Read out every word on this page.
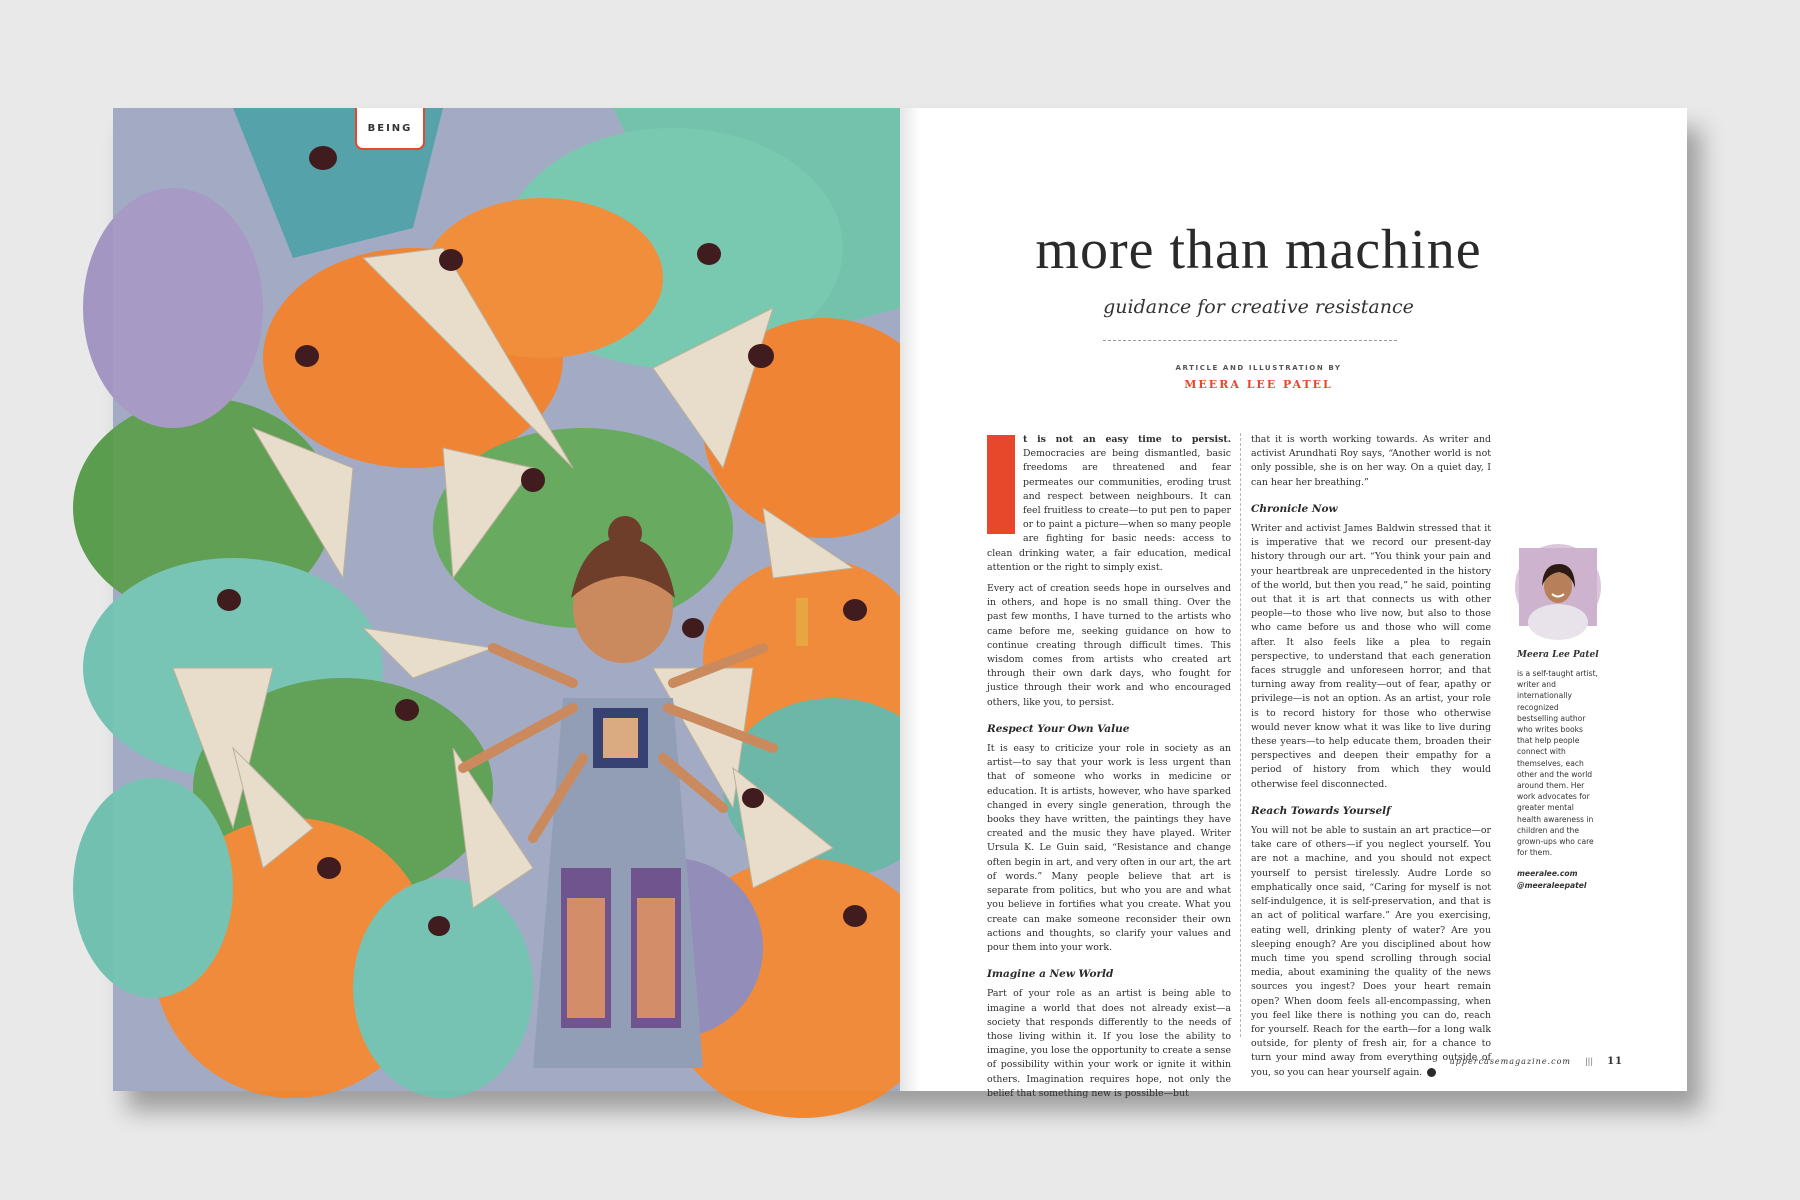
BEING
more than machine
guidance for creative resistance
ARTICLE AND ILLUSTRATION BY
MEERA LEE PATEL

t is not an easy time to persist. Democracies are being dismantled, basic freedoms are threatened and fear permeates our communities, eroding trust and respect between neighbours. It can feel fruitless to create—to put pen to paper or to paint a picture—when so many people are fighting for basic needs: access to clean drinking water, a fair education, medical attention or the right to simply exist.

Every act of creation seeds hope in ourselves and in others, and hope is no small thing. Over the past few months, I have turned to the artists who came before me, seeking guidance on how to continue creating through difficult times. This wisdom comes from artists who created art through their own dark days, who fought for justice through their work and who encouraged others, like you, to persist.

Respect Your Own Value

It is easy to criticize your role in society as an artist—to say that your work is less urgent than that of someone who works in medicine or education. It is artists, however, who have sparked changed in every single generation, through the books they have written, the paintings they have created and the music they have played. Writer Ursula K. Le Guin said, “Resistance and change often begin in art, and very often in our art, the art of words.” Many people believe that art is separate from politics, but who you are and what you believe in fortifies what you create. What you create can make someone reconsider their own actions and thoughts, so clarify your values and pour them into your work.

Imagine a New World

Part of your role as an artist is being able to imagine a world that does not already exist—a society that responds differently to the needs of those living within it. If you lose the ability to imagine, you lose the opportunity to create a sense of possibility within your work or ignite it within others. Imagination requires hope, not only the belief that something new is possible—but

that it is worth working towards. As writer and activist Arundhati Roy says, “Another world is not only possible, she is on her way. On a quiet day, I can hear her breathing.”

Chronicle Now

Writer and activist James Baldwin stressed that it is imperative that we record our present-day history through our art. “You think your pain and your heartbreak are unprecedented in the history of the world, but then you read,” he said, pointing out that it is art that connects us with other people—to those who live now, but also to those who came before us and those who will come after. It also feels like a plea to regain perspective, to understand that each generation faces struggle and unforeseen horror, and that turning away from reality—out of fear, apathy or privilege—is not an option. As an artist, your role is to record history for those who otherwise would never know what it was like to live during these years—to help educate them, broaden their perspectives and deepen their empathy for a period of history from which they would otherwise feel disconnected.

Reach Towards Yourself

You will not be able to sustain an art practice—or take care of others—if you neglect yourself. You are not a machine, and you should not expect yourself to persist tirelessly. Audre Lorde so emphatically once said, “Caring for myself is not self-indulgence, it is self-preservation, and that is an act of political warfare.” Are you exercising, eating well, drinking plenty of water? Are you sleeping enough? Are you disciplined about how much time you spend scrolling through social media, about examining the quality of the news sources you ingest? Does your heart remain open? When doom feels all-encompassing, when you feel like there is nothing you can do, reach for yourself. Reach for the earth—for a long walk outside, for plenty of fresh air, for a chance to turn your mind away from everything outside of you, so you can hear yourself again.

Meera Lee Patel

is a self-taught artist, writer and internationally recognized bestselling author who writes books that help people connect with themselves, each other and the world around them. Her work advocates for greater mental health awareness in children and the grown-ups who care for them.

meeralee.com
@meeraleepatel
uppercasemagazine.com ||| 11
